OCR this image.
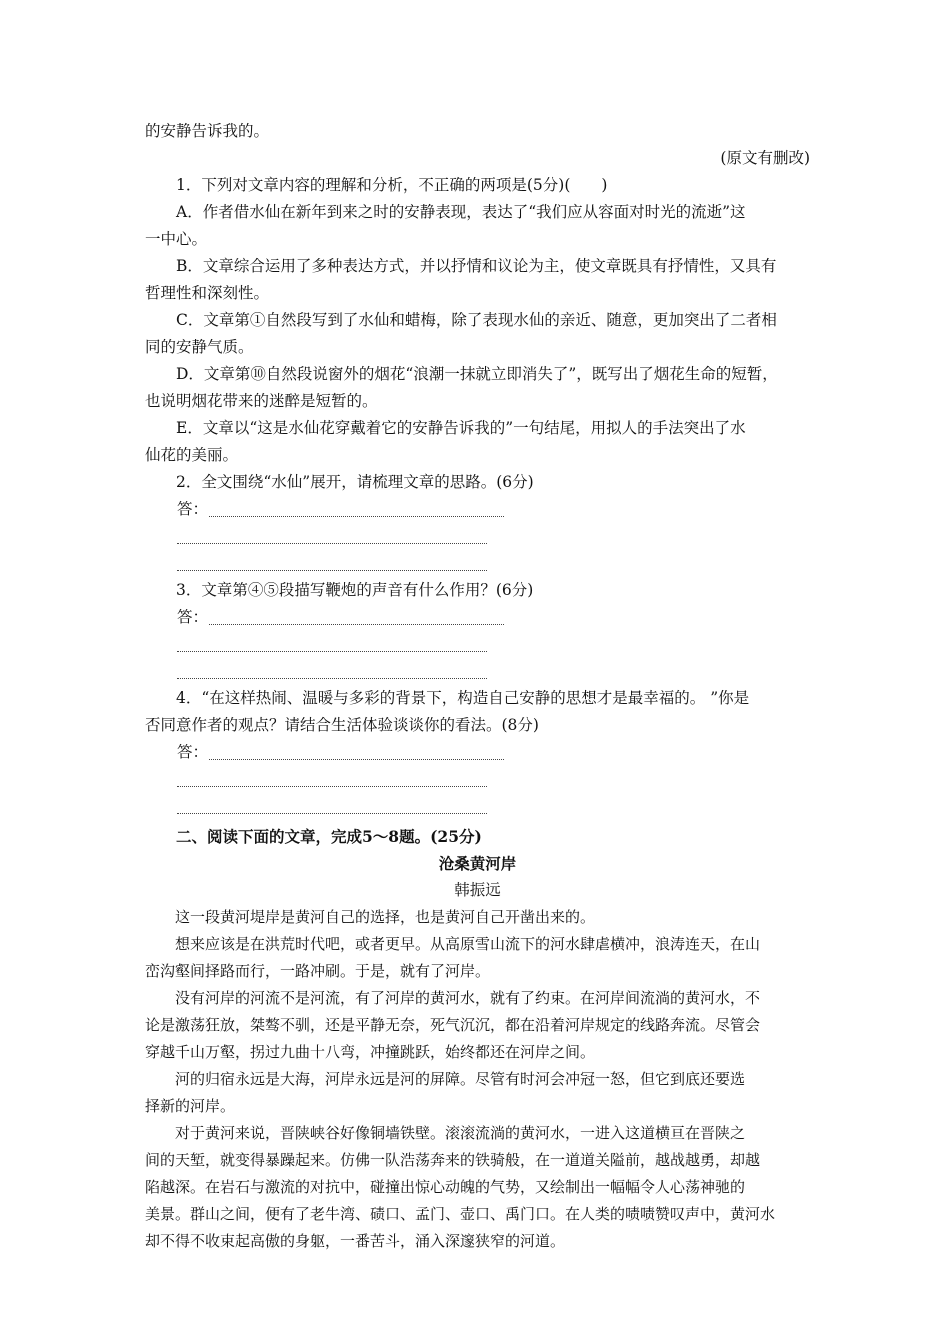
的安静告诉我的。

(原文有删改)

1．下列对文章内容的理解和分析，不正确的两项是(5分)(　　)

A．作者借水仙在新年到来之时的安静表现，表达了“我们应从容面对时光的流逝”这

一中心。

B．文章综合运用了多种表达方式，并以抒情和议论为主，使文章既具有抒情性，又具有

哲理性和深刻性。

C．文章第①自然段写到了水仙和蜡梅，除了表现水仙的亲近、随意，更加突出了二者相

同的安静气质。

D．文章第⑩自然段说窗外的烟花“浪潮一抹就立即消失了”，既写出了烟花生命的短暂，

也说明烟花带来的迷醉是短暂的。

E．文章以“这是水仙花穿戴着它的安静告诉我的”一句结尾，用拟人的手法突出了水

仙花的美丽。

2．全文围绕“水仙”展开，请梳理文章的思路。(6分)

答：

3．文章第④⑤段描写鞭炮的声音有什么作用？(6分)

答：

4．“在这样热闹、温暖与多彩的背景下，构造自己安静的思想才是最幸福的。 ”你是

否同意作者的观点？请结合生活体验谈谈你的看法。(8分)

答：

二、阅读下面的文章，完成5～8题。(25分)

沧桑黄河岸

韩振远

这一段黄河堤岸是黄河自己的选择，也是黄河自己开凿出来的。

想来应该是在洪荒时代吧，或者更早。从高原雪山流下的河水肆虐横冲，浪涛连天，在山

峦沟壑间择路而行，一路冲刷。于是，就有了河岸。

没有河岸的河流不是河流，有了河岸的黄河水，就有了约束。在河岸间流淌的黄河水，不

论是激荡狂放，桀骜不驯，还是平静无奈，死气沉沉，都在沿着河岸规定的线路奔流。尽管会

穿越千山万壑，拐过九曲十八弯，冲撞跳跃，始终都还在河岸之间。

河的归宿永远是大海，河岸永远是河的屏障。尽管有时河会冲冠一怒，但它到底还要选

择新的河岸。

对于黄河来说，晋陕峡谷好像铜墙铁壁。滚滚流淌的黄河水，一进入这道横亘在晋陕之

间的天堑，就变得暴躁起来。仿佛一队浩荡奔来的铁骑般，在一道道关隘前，越战越勇，却越

陷越深。在岩石与激流的对抗中，碰撞出惊心动魄的气势，又绘制出一幅幅令人心荡神驰的

美景。群山之间，便有了老牛湾、碛口、孟门、壶口、禹门口。在人类的啧啧赞叹声中，黄河水

却不得不收束起高傲的身躯，一番苦斗，涌入深邃狭窄的河道。
